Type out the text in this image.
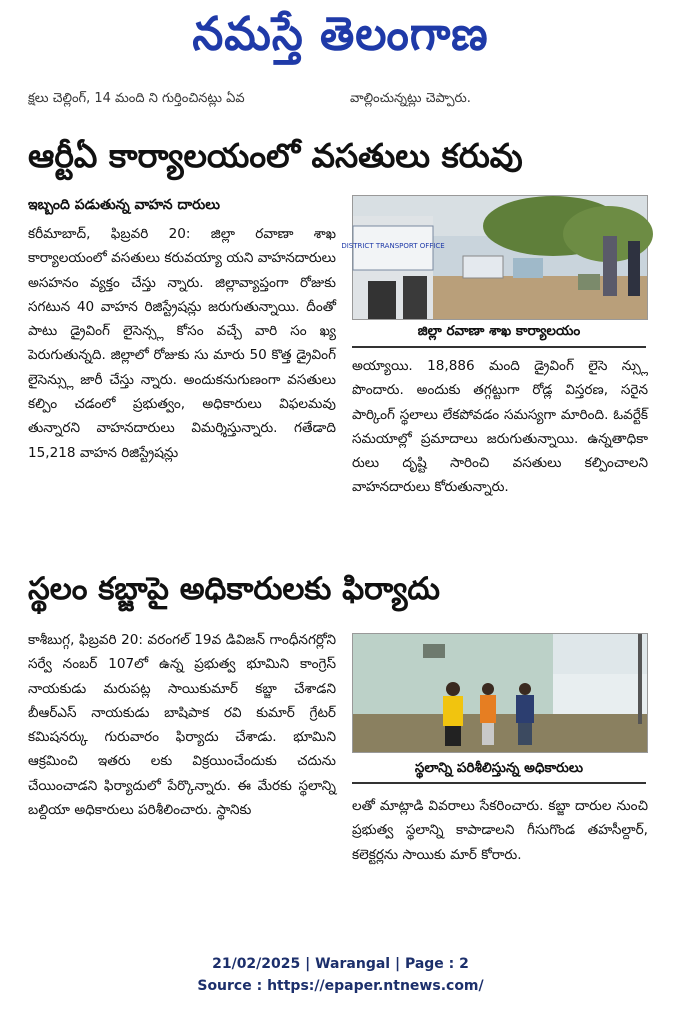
నమస్తే తెలంగాణ
క్షలు చెల్లింగ్, 14 మంది ని గుర్తించినట్లు ఏవ	వాల్లించున్నట్లు చెప్పారు.
ఆర్టీఏ కార్యాలయంలో వసతులు కరువు
ఇబ్బంది పడుతున్న వాహన దారులు

కరీమాబాద్, ఫిబ్రవరి 20: జిల్లా రవాణా శాఖ కార్యాలయంలో వసతులు కరువయ్యా యని వాహనదారులు అసహనం వ్యక్తం చేస్తు న్నారు. జిల్లావ్యాప్తంగా రోజుకు సగటున 40 వాహన రిజిస్ట్రేషన్లు జరుగుతున్నాయి. దీంతో పాటు డ్రైవింగ్ లైసెన్స్ల కోసం వచ్చే వారి సం ఖ్య పెరుగుతున్నది. జిల్లాలో రోజుకు సు మారు 50 కొత్త డ్రైవింగ్ లైసెన్స్లు జారీ చేస్తు న్నారు. అందుకనుగుణంగా వసతులు కల్పిం చడంలో ప్రభుత్వం, అధికారులు విఫలమవు తున్నారని వాహనదారులు విమర్శిస్తున్నారు. గతేడాది 15,218 వాహన రిజిస్ట్రేషన్లు

DISTRICT TRANSPORT OFFICE
జిల్లా రవాణా శాఖ కార్యాలయం

అయ్యాయి. 18,886 మంది డ్రైవింగ్ లైసె న్స్లు పొందారు. అందుకు తగ్గట్టుగా రోడ్ల విస్తరణ, సరైన పార్కింగ్ స్థలాలు లేకపోవడం సమస్యగా మారింది. ఓవర్టేక్ సమయాల్లో ప్రమాదాలు జరుగుతున్నాయి. ఉన్నతాధికా రులు దృష్టి సారించి వసతులు కల్పించాలని వాహనదారులు కోరుతున్నారు.

స్థలం కబ్జాపై అధికారులకు ఫిర్యాదు

కాశీబుగ్గ, ఫిబ్రవరి 20: వరంగల్ 19వ డివిజన్ గాంధీనగర్లోని సర్వే నంబర్ 107లో ఉన్న ప్రభుత్వ భూమిని కాంగ్రెస్ నాయకుడు మరుపట్ల సాయికుమార్ కబ్జా చేశాడని బీఆర్ఎస్ నాయకుడు బాషిపాక రవి కుమార్ గ్రేటర్ కమిషనర్కు గురువారం ఫిర్యాదు చేశాడు. భూమిని ఆక్రమించి ఇతరు లకు విక్రయించేందుకు చదును చేయించాడని ఫిర్యాదులో పేర్కొన్నారు. ఈ మేరకు స్థలాన్ని బల్దియా అధికారులు పరిశీలించారు. స్థానికు

స్థలాన్ని పరిశీలిస్తున్న అధికారులు

లతో మాట్లాడి వివరాలు సేకరించారు. కబ్జా దారుల నుంచి ప్రభుత్వ స్థలాన్ని కాపాడాలని గీసుగొండ తహసీల్దార్, కలెక్టర్లను సాయికు మార్ కోరారు.

21/02/2025 | Warangal | Page : 2
Source : https://epaper.ntnews.com/
